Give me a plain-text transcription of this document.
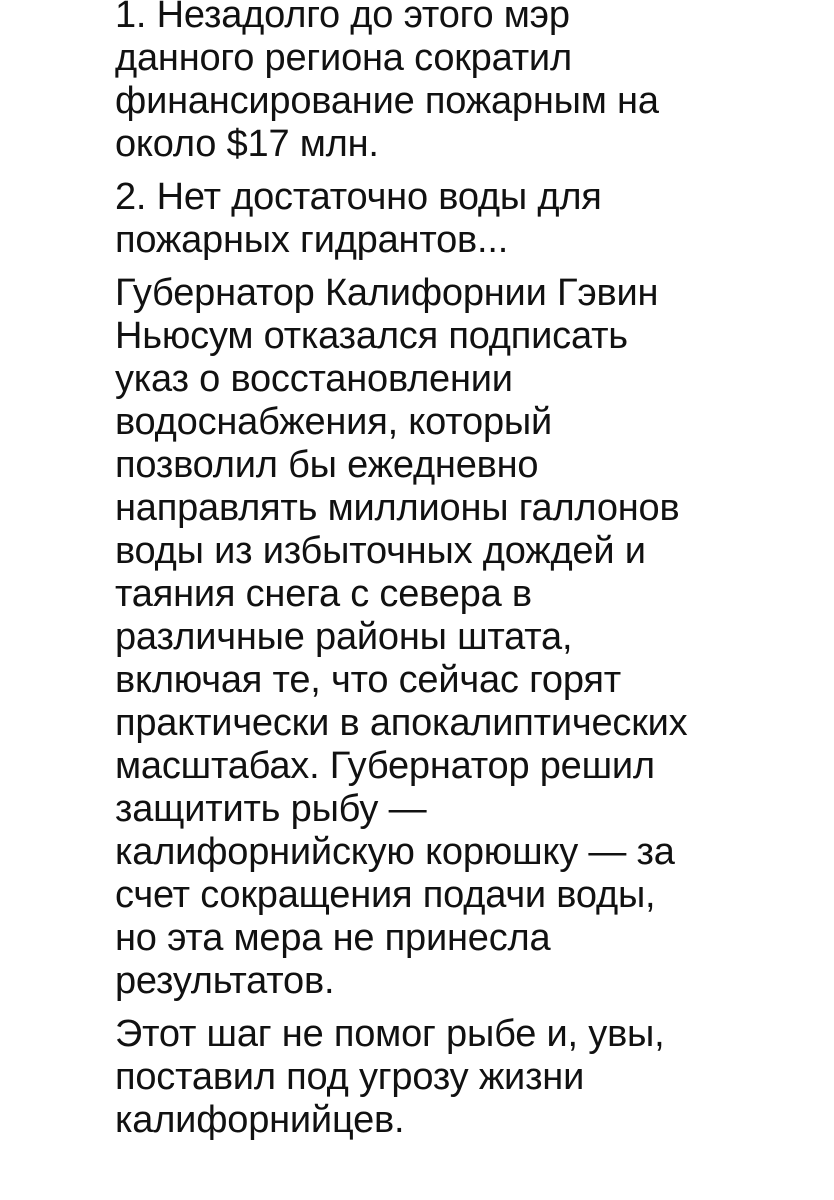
1. Незадолго до этого мэр
данного региона сократил
финансирование пожарным на
около $17 млн.

2. Нет достаточно воды для
пожарных гидрантов...

Губернатор Калифорнии Гэвин
Ньюсум отказался подписать
указ о восстановлении
водоснабжения, который
позволил бы ежедневно
направлять миллионы галлонов
воды из избыточных дождей и
таяния снега с севера в
различные районы штата,
включая те, что сейчас горят
практически в апокалиптических
масштабах. Губернатор решил
защитить рыбу —
калифорнийскую корюшку — за
счет сокращения подачи воды,
но эта мера не принесла
результатов.

Этот шаг не помог рыбе и, увы,
поставил под угрозу жизни
калифорнийцев.
